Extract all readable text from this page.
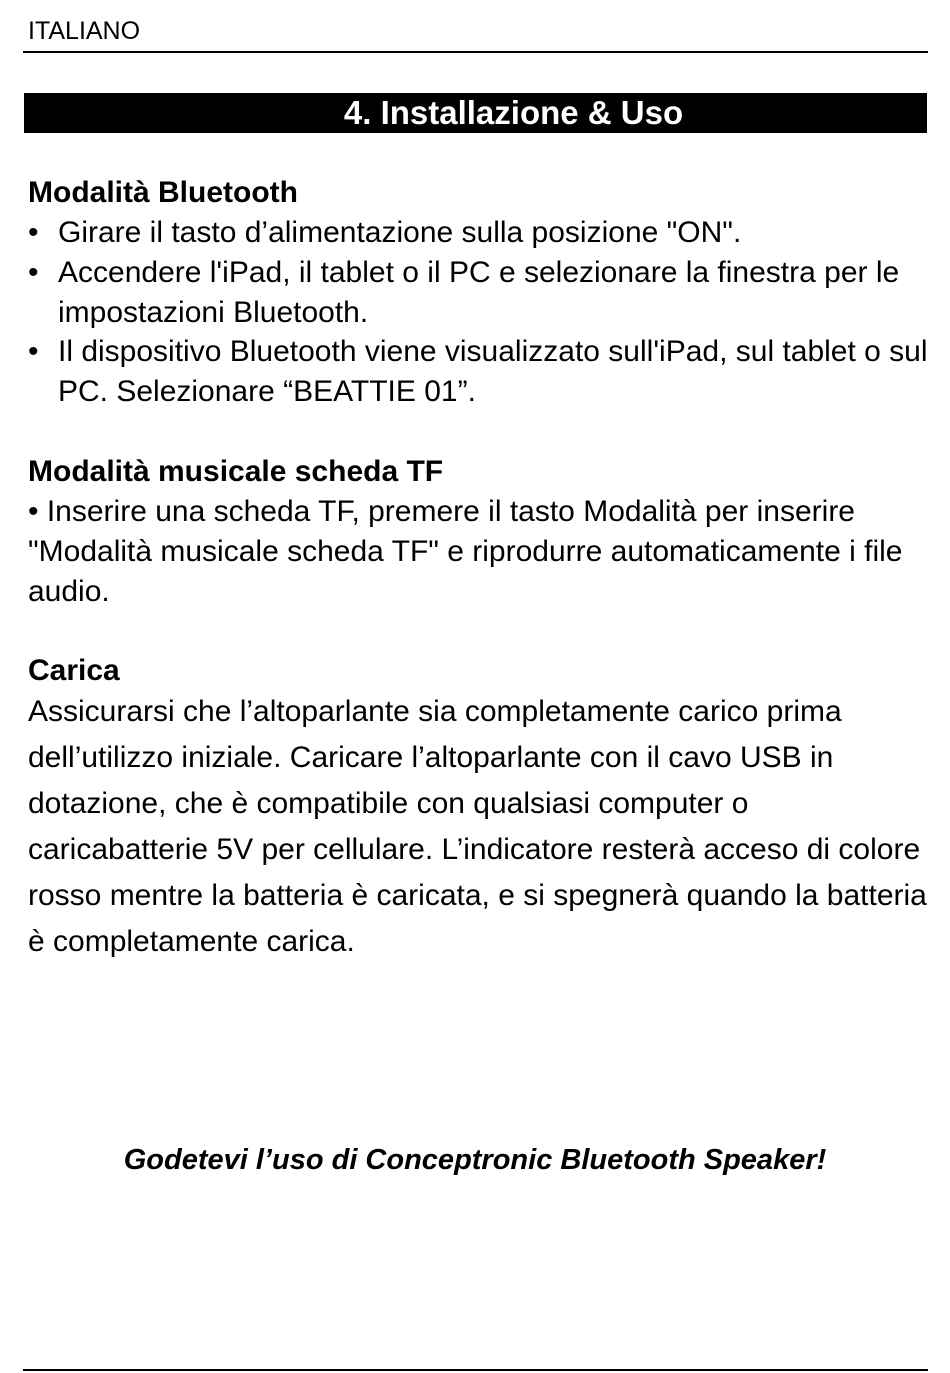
ITALIANO
4. Installazione & Uso
Modalità Bluetooth
• Girare il tasto d’alimentazione sulla posizione "ON".
• Accendere l'iPad, il tablet o il PC e selezionare la finestra per le impostazioni Bluetooth.
• Il dispositivo Bluetooth viene visualizzato sull'iPad, sul tablet o sul PC. Selezionare “BEATTIE 01”.
Modalità musicale scheda TF
• Inserire una scheda TF, premere il tasto Modalità per inserire "Modalità musicale scheda TF" e riprodurre automaticamente i file audio.
Carica
Assicurarsi che l’altoparlante sia completamente carico prima dell’utilizzo iniziale. Caricare l’altoparlante con il cavo USB in dotazione, che è compatibile con qualsiasi computer o caricabatterie 5V per cellulare. L’indicatore resterà acceso di colore rosso mentre la batteria è caricata, e si spegnerà quando la batteria è completamente carica.
Godetevi l’uso di Conceptronic Bluetooth Speaker!
